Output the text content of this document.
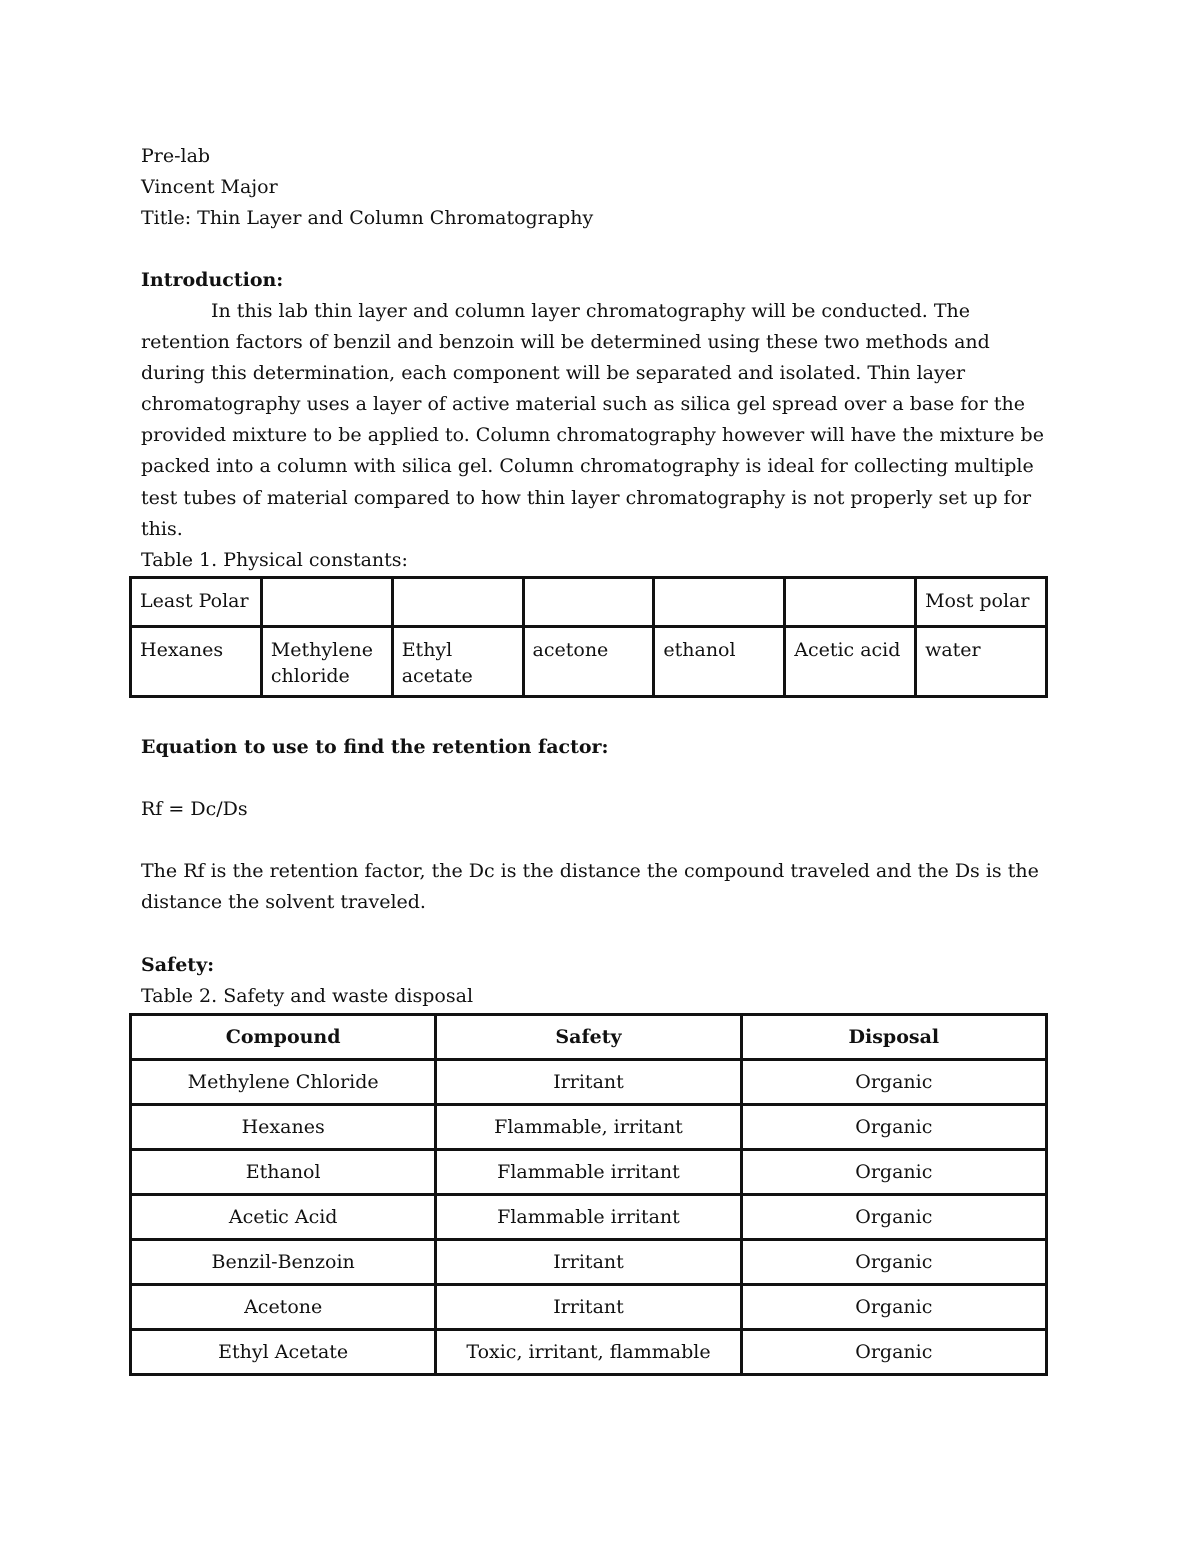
Pre-lab
Vincent Major
Title: Thin Layer and Column Chromatography
Introduction:

In this lab thin layer and column layer chromatography will be conducted. The retention factors of benzil and benzoin will be determined using these two methods and during this determination, each component will be separated and isolated. Thin layer chromatography uses a layer of active material such as silica gel spread over a base for the provided mixture to be applied to. Column chromatography however will have the mixture be packed into a column with silica gel. Column chromatography is ideal for collecting multiple test tubes of material compared to how thin layer chromatography is not properly set up for this.

Table 1. Physical constants:
Least Polar						Most polar
Hexanes	Methylene chloride	Ethyl acetate	acetone	ethanol	Acetic acid	water
Equation to use to find the retention factor:
Rf = Dc/Ds

The Rf is the retention factor, the Dc is the distance the compound traveled and the Ds is the distance the solvent traveled.

Safety:
Table 2. Safety and waste disposal
Compound	Safety	Disposal
Methylene Chloride	Irritant	Organic
Hexanes	Flammable, irritant	Organic
Ethanol	Flammable irritant	Organic
Acetic Acid	Flammable irritant	Organic
Benzil-Benzoin	Irritant	Organic
Acetone	Irritant	Organic
Ethyl Acetate	Toxic, irritant, flammable	Organic
